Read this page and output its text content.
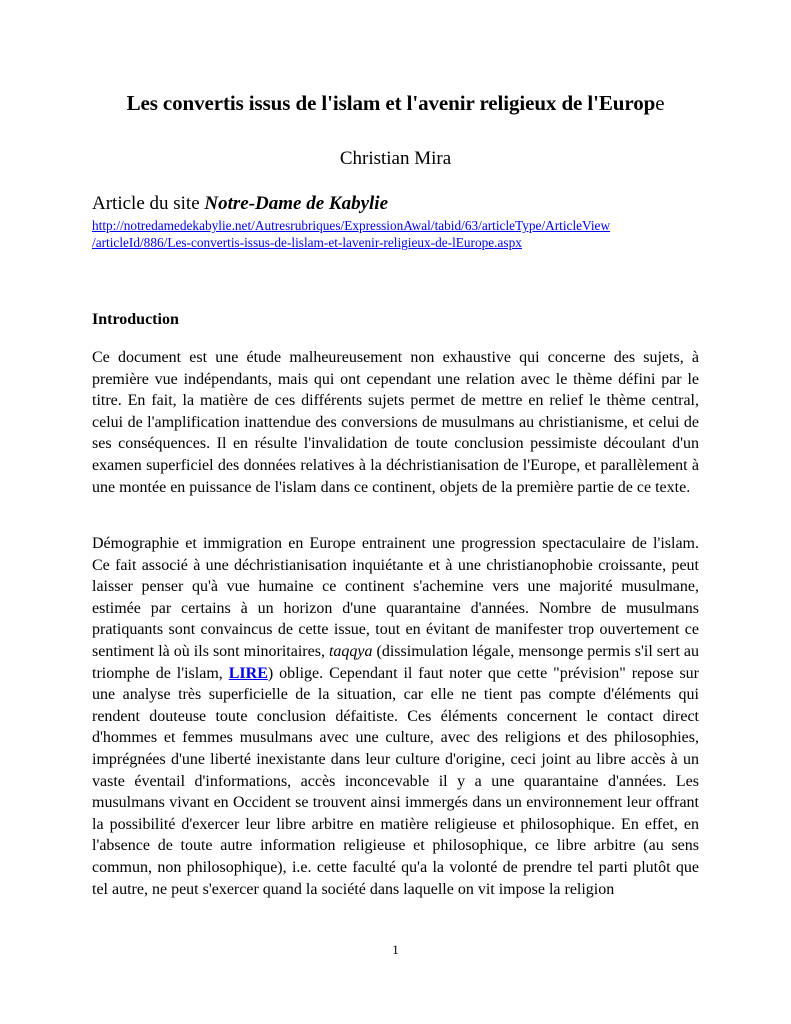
Les convertis issus de l'islam et l'avenir religieux de l'Europe
Christian Mira
Article du site Notre-Dame de Kabylie
http://notredamedekabylie.net/Autresrubriques/ExpressionAwal/tabid/63/articleType/ArticleView
/articleId/886/Les-convertis-issus-de-lislam-et-lavenir-religieux-de-lEurope.aspx
Introduction
Ce document est une étude malheureusement non exhaustive qui concerne des sujets, à première vue indépendants, mais qui ont cependant une relation avec le thème défini par le titre. En fait, la matière de ces différents sujets permet de mettre en relief le thème central, celui de l'amplification inattendue des conversions de musulmans au christianisme, et celui de ses conséquences. Il en résulte l'invalidation de toute conclusion pessimiste découlant d'un examen superficiel des données relatives à la déchristianisation de l'Europe, et parallèlement à une montée en puissance de l'islam dans ce continent, objets de la première partie de ce texte.
Démographie et immigration en Europe entrainent une progression spectaculaire de l'islam. Ce fait associé à une déchristianisation inquiétante et à une christianophobie croissante, peut laisser penser qu'à vue humaine ce continent s'achemine vers une majorité musulmane, estimée par certains à un horizon d'une quarantaine d'années. Nombre de musulmans pratiquants sont convaincus de cette issue, tout en évitant de manifester trop ouvertement ce sentiment là où ils sont minoritaires, taqqya (dissimulation légale, mensonge permis s'il sert au triomphe de l'islam, LIRE) oblige. Cependant il faut noter que cette "prévision" repose sur une analyse très superficielle de la situation, car elle ne tient pas compte d'éléments qui rendent douteuse toute conclusion défaitiste. Ces éléments concernent le contact direct d'hommes et femmes musulmans avec une culture, avec des religions et des philosophies, imprégnées d'une liberté inexistante dans leur culture d'origine, ceci joint au libre accès à un vaste éventail d'informations, accès inconcevable il y a une quarantaine d'années. Les musulmans vivant en Occident se trouvent ainsi immergés dans un environnement leur offrant la possibilité d'exercer leur libre arbitre en matière religieuse et philosophique. En effet, en l'absence de toute autre information religieuse et philosophique, ce libre arbitre (au sens commun, non philosophique), i.e. cette faculté qu'a la volonté de prendre tel parti plutôt que tel autre, ne peut s'exercer quand la société dans laquelle on vit impose la religion
1
